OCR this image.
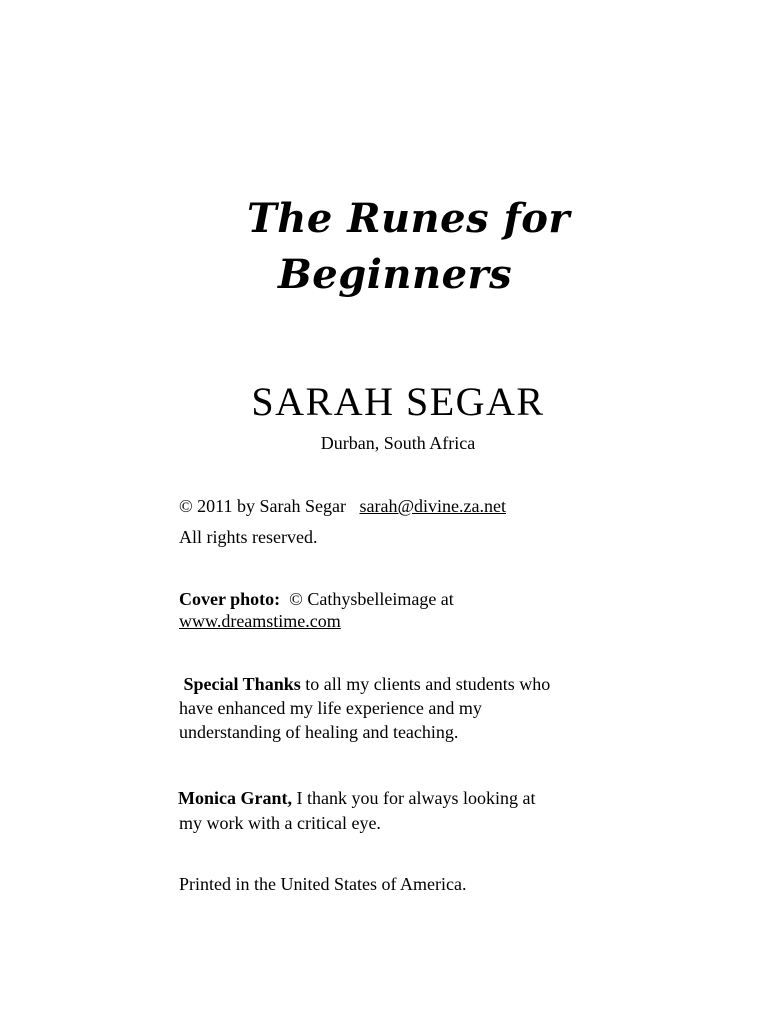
The Runes for
Beginners
SARAH SEGAR
Durban, South Africa
© 2011 by Sarah Segar sarah@divine.za.net
All rights reserved.
Cover photo: © Cathysbelleimage at
www.dreamstime.com
Special Thanks to all my clients and students who
have enhanced my life experience and my
understanding of healing and teaching.
Monica Grant, I thank you for always looking at
my work with a critical eye.
Printed in the United States of America.
